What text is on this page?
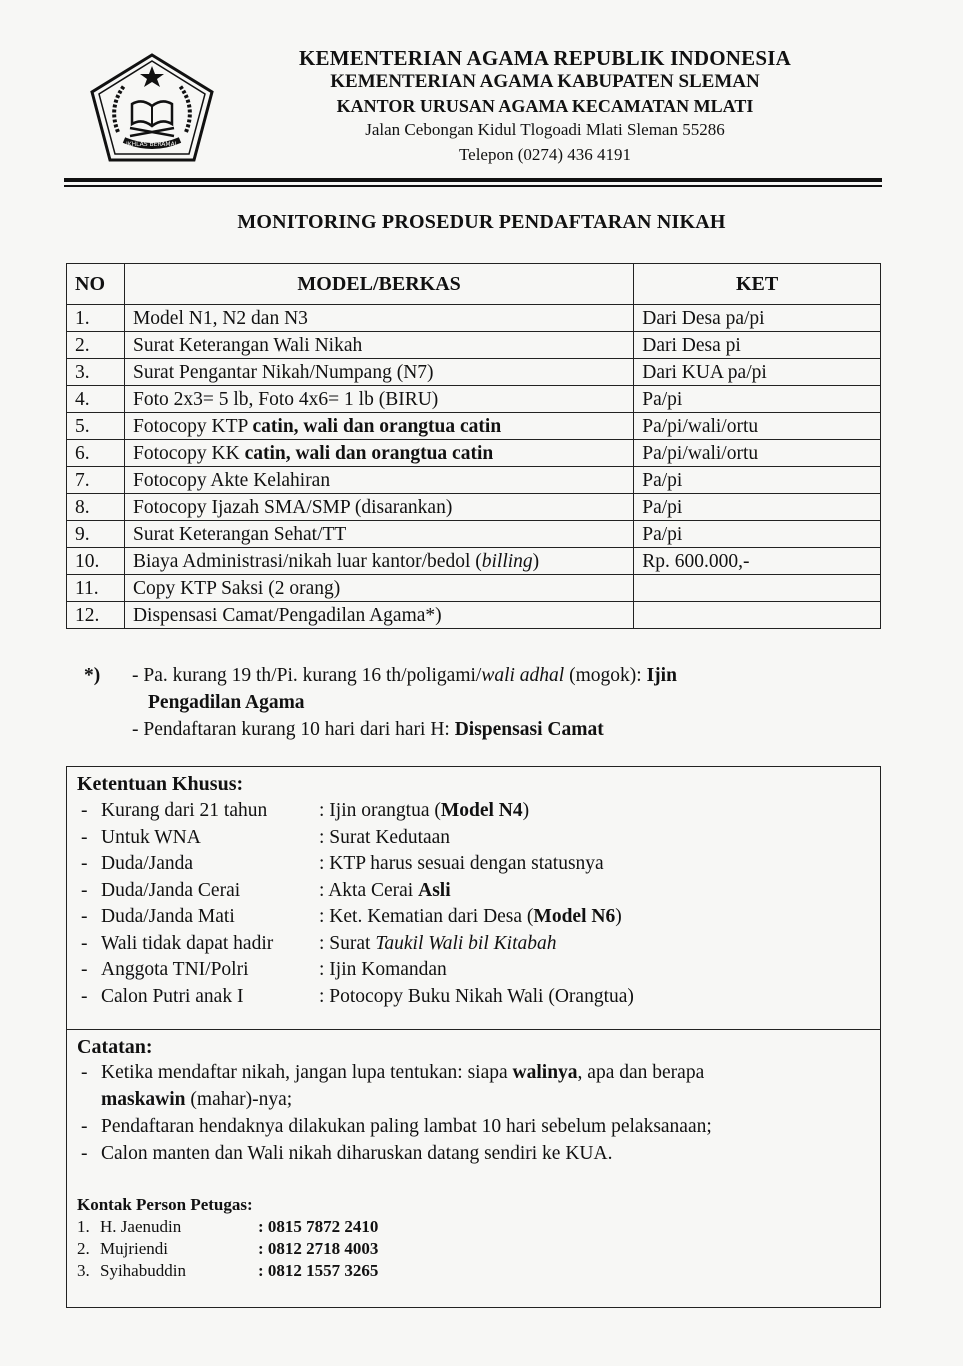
IKHLAS BERAMAL
KEMENTERIAN AGAMA REPUBLIK INDONESIA
KEMENTERIAN AGAMA KABUPATEN SLEMAN
KANTOR URUSAN AGAMA KECAMATAN MLATI
Jalan Cebongan Kidul Tlogoadi Mlati Sleman 55286
Telepon (0274) 436 4191
MONITORING PROSEDUR PENDAFTARAN NIKAH
NO	MODEL/BERKAS	KET
1.	Model N1, N2 dan N3	Dari Desa pa/pi
2.	Surat Keterangan Wali Nikah	Dari Desa pi
3.	Surat Pengantar Nikah/Numpang (N7)	Dari KUA pa/pi
4.	Foto 2x3= 5 lb, Foto 4x6= 1 lb (BIRU)	Pa/pi
5.	Fotocopy KTP catin, wali dan orangtua catin	Pa/pi/wali/ortu
6.	Fotocopy KK catin, wali dan orangtua catin	Pa/pi/wali/ortu
7.	Fotocopy Akte Kelahiran	Pa/pi
8.	Fotocopy Ijazah SMA/SMP (disarankan)	Pa/pi
9.	Surat Keterangan Sehat/TT	Pa/pi
10.	Biaya Administrasi/nikah luar kantor/bedol (billing)	Rp. 600.000,-
11.	Copy KTP Saksi (2 orang)	
12.	Dispensasi Camat/Pengadilan Agama*)	
*) - Pa. kurang 19 th/Pi. kurang 16 th/poligami/wali adhal (mogok): Ijin
Pengadilan Agama
- Pendaftaran kurang 10 hari dari hari H: Dispensasi Camat
Ketentuan Khusus:
- Kurang dari 21 tahun	: Ijin orangtua (Model N4)
- Untuk WNA	: Surat Kedutaan
- Duda/Janda	: KTP harus sesuai dengan statusnya
- Duda/Janda Cerai	: Akta Cerai Asli
- Duda/Janda Mati	: Ket. Kematian dari Desa (Model N6)
- Wali tidak dapat hadir	: Surat Taukil Wali bil Kitabah
- Anggota TNI/Polri	: Ijin Komandan
- Calon Putri anak I	: Potocopy Buku Nikah Wali (Orangtua)
Catatan:
- Ketika mendaftar nikah, jangan lupa tentukan: siapa walinya, apa dan berapa
maskawin (mahar)-nya;
- Pendaftaran hendaknya dilakukan paling lambat 10 hari sebelum pelaksanaan;
- Calon manten dan Wali nikah diharuskan datang sendiri ke KUA.
Kontak Person Petugas:
1. H. Jaenudin	: 0815 7872 2410
2. Mujriendi	: 0812 2718 4003
3. Syihabuddin	: 0812 1557 3265
